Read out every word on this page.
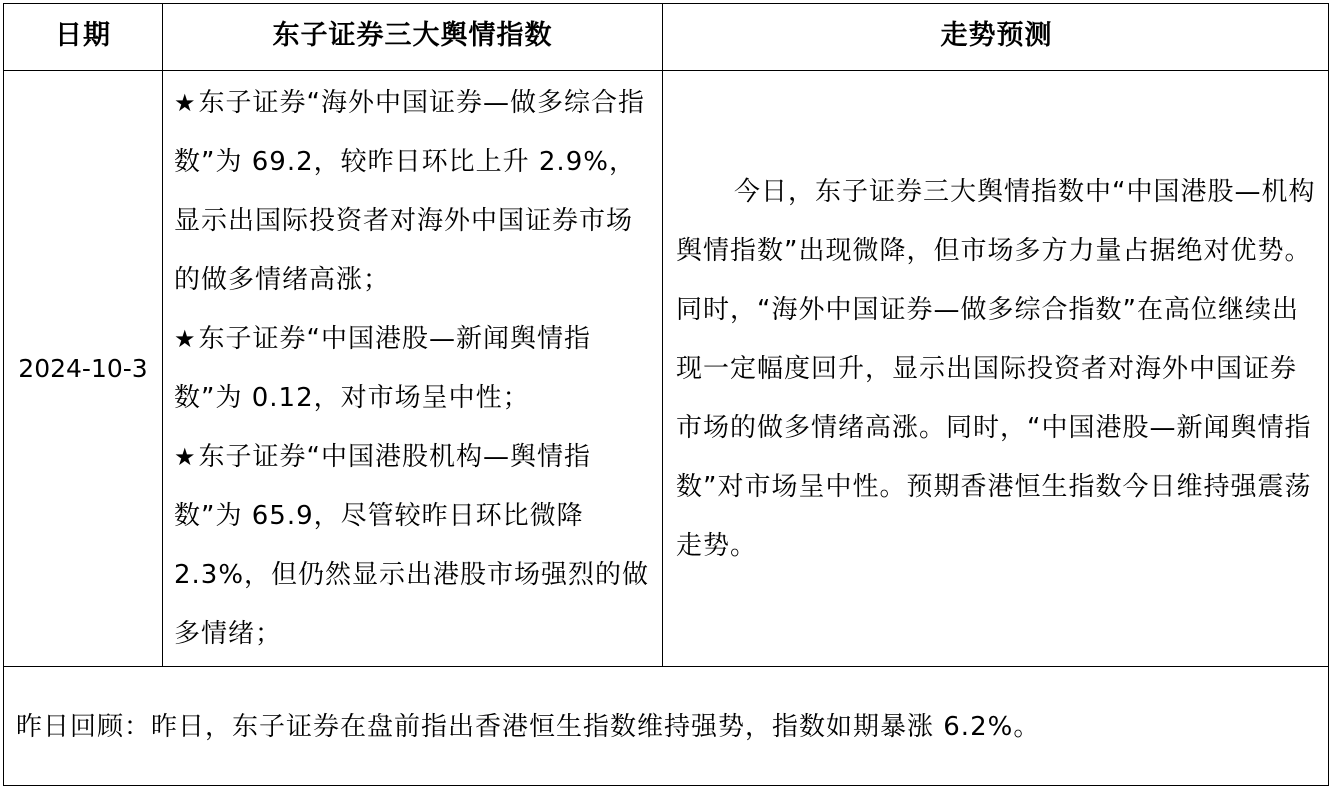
日期	东子证券三大舆情指数	走势预测
2024-10-3

★东子证券“海外中国证券—做多综合指数”为 69.2，较昨日环比上升 2.9%，显示出国际投资者对海外中国证券市场的做多情绪高涨；

★东子证券“中国港股—新闻舆情指数”为 0.12，对市场呈中性；

★东子证券“中国港股机构—舆情指数”为 65.9，尽管较昨日环比微降 2.3%，但仍然显示出港股市场强烈的做多情绪；

今日，东子证券三大舆情指数中“中国港股—机构舆情指数”出现微降，但市场多方力量占据绝对优势。同时，“海外中国证券—做多综合指数”在高位继续出现一定幅度回升，显示出国际投资者对海外中国证券市场的做多情绪高涨。同时，“中国港股—新闻舆情指数”对市场呈中性。预期香港恒生指数今日维持强震荡走势。
昨日回顾：昨日，东子证券在盘前指出香港恒生指数维持强势，指数如期暴涨 6.2%。
